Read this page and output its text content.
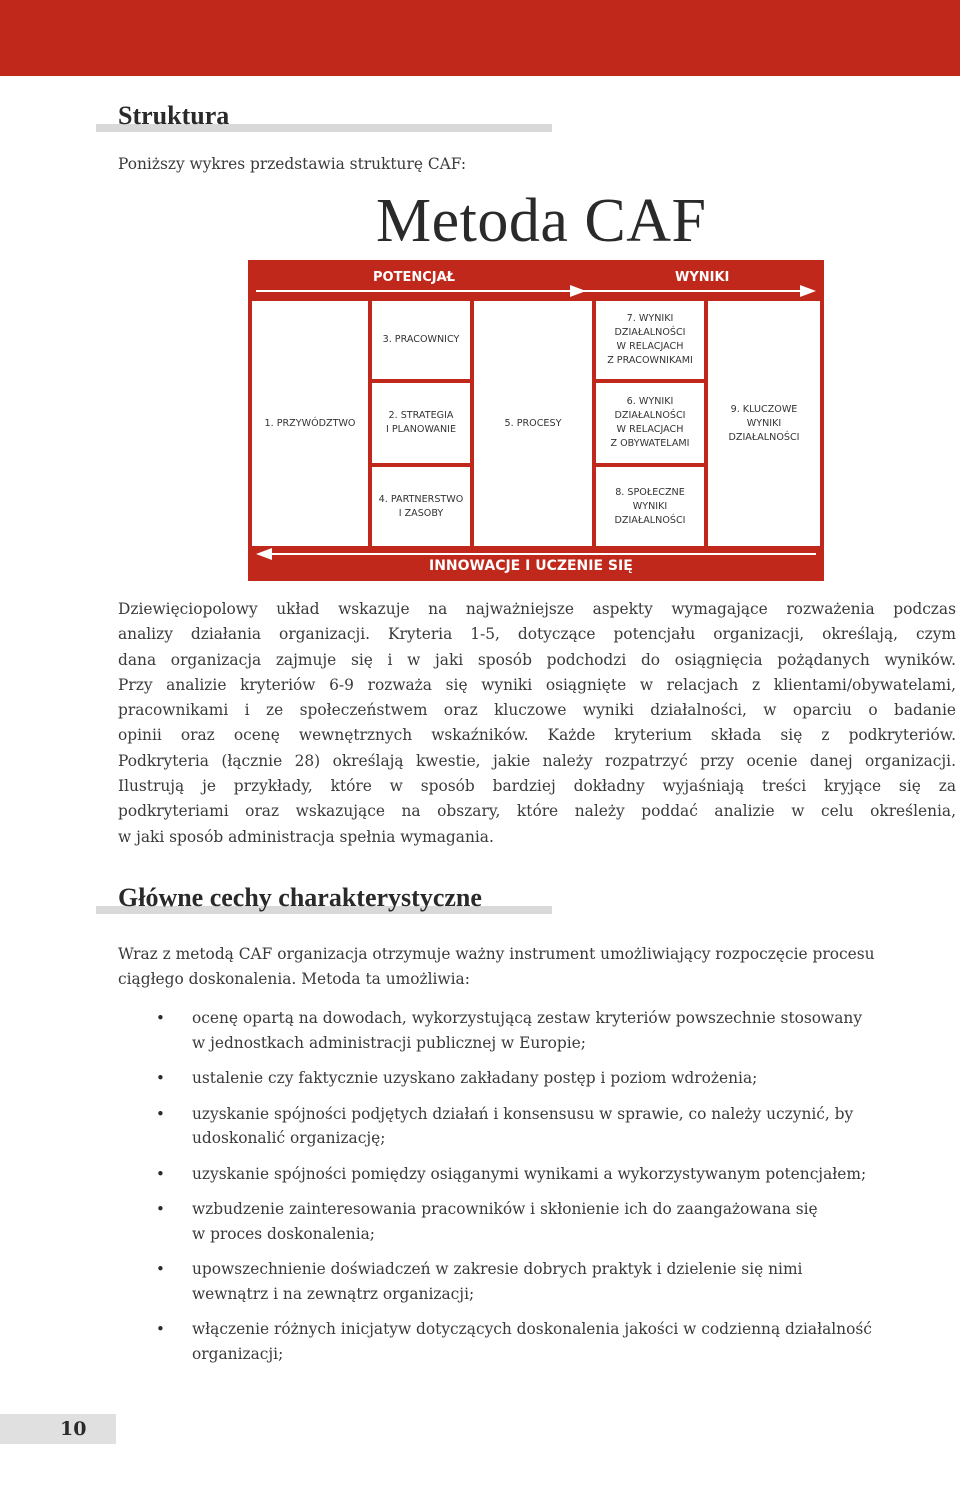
Struktura
Poniższy wykres przedstawia strukturę CAF:
Metoda CAF
POTENCJAŁ	WYNIKI
INNOWACJE I UCZENIE SIĘ
1. PRZYWÓDZTWO
3. PRACOWNICY
2. STRATEGIA
I PLANOWANIE
4. PARTNERSTWO
I ZASOBY
5. PROCESY
7. WYNIKI
DZIAŁALNOŚCI
W RELACJACH
Z PRACOWNIKAMI
6. WYNIKI
DZIAŁALNOŚCI
W RELACJACH
Z OBYWATELAMI
8. SPOŁECZNE
WYNIKI
DZIAŁALNOŚCI
9. KLUCZOWE
WYNIKI
DZIAŁALNOŚCI
Dziewięciopolowy układ wskazuje na najważniejsze aspekty wymagające rozważenia podczas
analizy działania organizacji. Kryteria 1-5, dotyczące potencjału organizacji, określają, czym
dana organizacja zajmuje się i w jaki sposób podchodzi do osiągnięcia pożądanych wyników.
Przy analizie kryteriów 6-9 rozważa się wyniki osiągnięte w relacjach z klientami/obywatelami,
pracownikami i ze społeczeństwem oraz kluczowe wyniki działalności, w oparciu o badanie
opinii oraz ocenę wewnętrznych wskaźników. Każde kryterium składa się z podkryteriów.
Podkryteria (łącznie 28) określają kwestie, jakie należy rozpatrzyć przy ocenie danej organizacji.
Ilustrują je przykłady, które w sposób bardziej dokładny wyjaśniają treści kryjące się za
podkryteriami oraz wskazujące na obszary, które należy poddać analizie w celu określenia,
w jaki sposób administracja spełnia wymagania.
Główne cechy charakterystyczne
Wraz z metodą CAF organizacja otrzymuje ważny instrument umożliwiający rozpoczęcie procesu
ciągłego doskonalenia. Metoda ta umożliwia:
• ocenę opartą na dowodach, wykorzystującą zestaw kryteriów powszechnie stosowany
w jednostkach administracji publicznej w Europie;
• ustalenie czy faktycznie uzyskano zakładany postęp i poziom wdrożenia;
• uzyskanie spójności podjętych działań i konsensusu w sprawie, co należy uczynić, by
udoskonalić organizację;
• uzyskanie spójności pomiędzy osiąganymi wynikami a wykorzystywanym potencjałem;
• wzbudzenie zainteresowania pracowników i skłonienie ich do zaangażowana się
w proces doskonalenia;
• upowszechnienie doświadczeń w zakresie dobrych praktyk i dzielenie się nimi
wewnątrz i na zewnątrz organizacji;
• włączenie różnych inicjatyw dotyczących doskonalenia jakości w codzienną działalność
organizacji;
10
